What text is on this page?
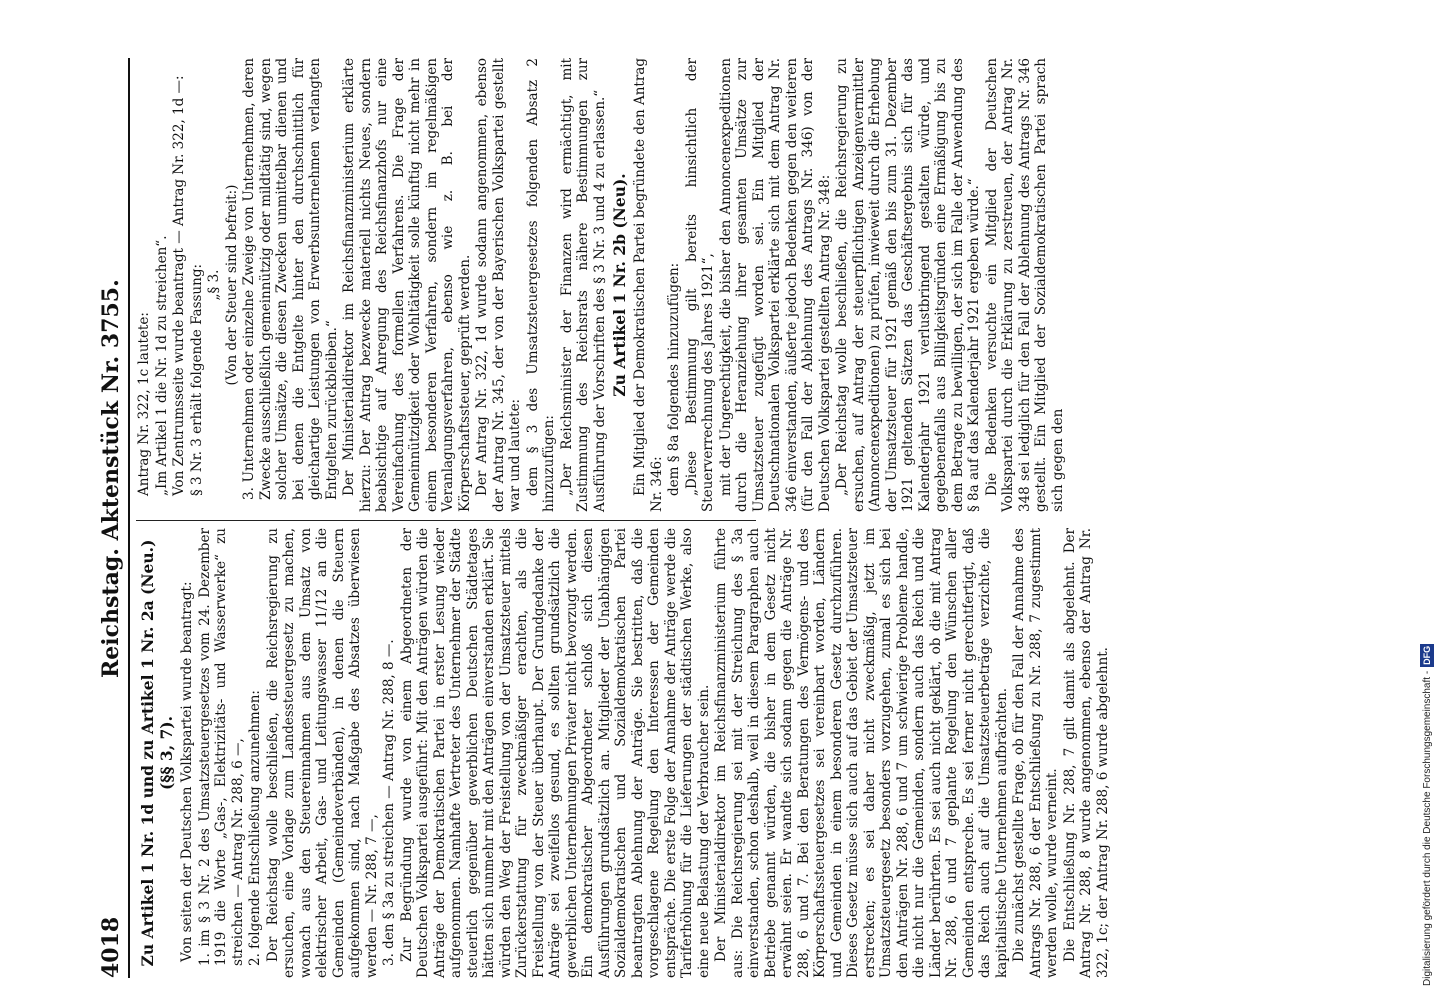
4018
Reichstag. Aktenstück Nr. 3755.

Zu Artikel 1 Nr. 1d und zu Artikel 1 Nr. 2a (Neu.) (§§ 3, 7). Von seiten der Deutschen Volkspartei wurde beantragt: 1. im § 3 Nr. 2 des Umsatzsteuergesetzes vom 24. Dezember 1919 die Worte „Gas-, Elektrizitäts- und Wasserwerke“ zu streichen — Antrag Nr. 288, 6 —, 2. folgende Entschließung anzunehmen: Der Reichstag wolle beschließen, die Reichsregierung zu ersuchen, eine Vorlage zum Landessteuergesetz zu machen, wonach aus den Steuereinnahmen aus dem Umsatz von elektrischer Arbeit, Gas- und Leitungswasser 11/12 an die Gemeinden (Gemeindeverbänden), in denen die Steuern aufgekommen sind, nach Maßgabe des Absatzes überwiesen werden — Nr. 288, 7 —, 3. den § 3a zu streichen — Antrag Nr. 288, 8 —. Zur Begründung wurde von einem Abgeordneten der Deutschen Volkspartei ausgeführt: Mit den Anträgen würden die Anträge der Demokratischen Partei in erster Lesung wieder aufgenommen. Namhafte Vertreter des Unternehmer der Städte steuerlich gegenüber gewerblichen Deutschen Städtetages hätten sich nunmehr mit den Anträgen einverstanden erklärt. Sie würden den Weg der Freistellung von der Umsatzsteuer mittels Zurückerstattung für zweckmäßiger erachten, als die Freistellung von der Steuer überhaupt. Der Grundgedanke der Anträge sei zweifellos gesund, es sollten grundsätzlich die gewerblichen Unternehmungen Privater nicht bevorzugt werden. Ein demokratischer Abgeordneter schloß sich diesen Ausführungen grundsätzlich an. Mitglieder der Unabhängigen Sozialdemokratischen und Sozialdemokratischen Partei beantragten Ablehnung der Anträge. Sie bestritten, daß die vorgeschlagene Regelung den Interessen der Gemeinden entspräche. Die erste Folge der Annahme der Anträge werde die Tariferhöhung für die Lieferungen der städtischen Werke, also eine neue Belastung der Verbraucher sein. Der Ministerialdirektor im Reichsfinanzministerium führte aus: Die Reichsregierung sei mit der Streichung des § 3a einverstanden, schon deshalb, weil in diesem Paragraphen auch Betriebe genannt würden, die bisher in dem Gesetz nicht erwähnt seien. Er wandte sich sodann gegen die Anträge Nr. 288, 6 und 7. Bei den Beratungen des Vermögens- und des Körperschaftssteuergesetzes sei vereinbart worden, Ländern und Gemeinden in einem besonderen Gesetz durchzuführen. Dieses Gesetz müsse sich auch auf das Gebiet der Umsatzsteuer erstrecken; es sei daher nicht zweckmäßig, jetzt im Umsatzsteuergesetz besonders vorzugehen, zumal es sich bei den Anträgen Nr. 288, 6 und 7 um schwierige Probleme handle, die nicht nur die Gemeinden, sondern auch das Reich und die Länder berührten. Es sei auch nicht geklärt, ob die mit Antrag Nr. 288, 6 und 7 geplante Regelung den Wünschen aller Gemeinden entspreche. Es sei ferner nicht gerechtfertigt, daß das Reich auch auf die Umsatzsteuerbeträge verzichte, die kapitalistische Unternehmen aufbrächten. Die zunächst gestellte Frage, ob für den Fall der Annahme des Antrags Nr. 288, 6 der Entschließung zu Nr. 288, 7 zugestimmt werden wolle, wurde verneint. Die Entschließung Nr. 288, 7 gilt damit als abgelehnt. Der Antrag Nr. 288, 8 wurde angenommen, ebenso der Antrag Nr. 322, 1c; der Antrag Nr. 288, 6 wurde abgelehnt.

Antrag Nr. 322, 1c lautete: „Im Artikel 1 die Nr. 1d zu streichen“. Von Zentrumsseite wurde beantragt — Antrag Nr. 322, 1d —: § 3 Nr. 3 erhält folgende Fassung: „§ 3. (Von der Steuer sind befreit:) 3. Unternehmen oder einzelne Zweige von Unternehmen, deren Zwecke ausschließlich gemeinnützig oder mildtätig sind, wegen solcher Umsätze, die diesen Zwecken unmittelbar dienen und bei denen die Entgelte hinter den durchschnittlich für gleichartige Leistungen von Erwerbsunternehmen verlangten Entgelten zurückbleiben.“ Der Ministerialdirektor im Reichsfinanzministerium erklärte hierzu: Der Antrag bezwecke materiell nichts Neues, sondern beabsichtige auf Anregung des Reichsfinanzhofs nur eine Vereinfachung des formellen Verfahrens. Die Frage der Gemeinnützigkeit oder Wohltätigkeit solle künftig nicht mehr in einem besonderen Verfahren, sondern im regelmäßigen Veranlagungsverfahren, ebenso wie z. B. bei der Körperschaftssteuer, geprüft werden. Der Antrag Nr. 322, 1d wurde sodann angenommen, ebenso der Antrag Nr. 345, der von der Bayerischen Volkspartei gestellt war und lautete: dem § 3 des Umsatzsteuergesetzes folgenden Absatz 2 hinzuzufügen: „Der Reichsminister der Finanzen wird ermächtigt, mit Zustimmung des Reichsrats nähere Bestimmungen zur Ausführung der Vorschriften des § 3 Nr. 3 und 4 zu erlassen.“ Zu Artikel 1 Nr. 2b (Neu). Ein Mitglied der Demokratischen Partei begründete den Antrag Nr. 346: dem § 8a folgendes hinzuzufügen: „Diese Bestimmung gilt bereits hinsichtlich der Steuerverrechnung des Jahres 1921“, mit der Ungerechtigkeit, die bisher den Annoncenexpeditionen durch die Heranziehung ihrer gesamten Umsätze zur Umsatzsteuer zugefügt worden sei. Ein Mitglied der Deutschnationalen Volkspartei erklärte sich mit dem Antrag Nr. 346 einverstanden, äußerte jedoch Bedenken gegen den weiteren (für den Fall der Ablehnung des Antrags Nr. 346) von der Deutschen Volkspartei gestellten Antrag Nr. 348: „Der Reichstag wolle beschließen, die Reichsregierung zu ersuchen, auf Antrag der steuerpflichtigen Anzeigenvermittler (Annoncenexpeditionen) zu prüfen, inwieweit durch die Erhebung der Umsatzsteuer für 1921 gemäß den bis zum 31. Dezember 1921 geltenden Sätzen das Geschäftsergebnis sich für das Kalenderjahr 1921 verlustbringend gestalten würde, und gegebenenfalls aus Billigkeitsgründen eine Ermäßigung bis zu dem Betrage zu bewilligen, der sich im Falle der Anwendung des § 8a auf das Kalenderjahr 1921 ergeben würde.“ Die Bedenken versuchte ein Mitglied der Deutschen Volkspartei durch die Erklärung zu zerstreuen, der Antrag Nr. 348 sei lediglich für den Fall der Ablehnung des Antrags Nr. 346 gestellt. Ein Mitglied der Sozialdemokratischen Partei sprach sich gegen den

Digitalisierung gefördert durch die Deutsche Forschungsgemeinschaft -DFG
